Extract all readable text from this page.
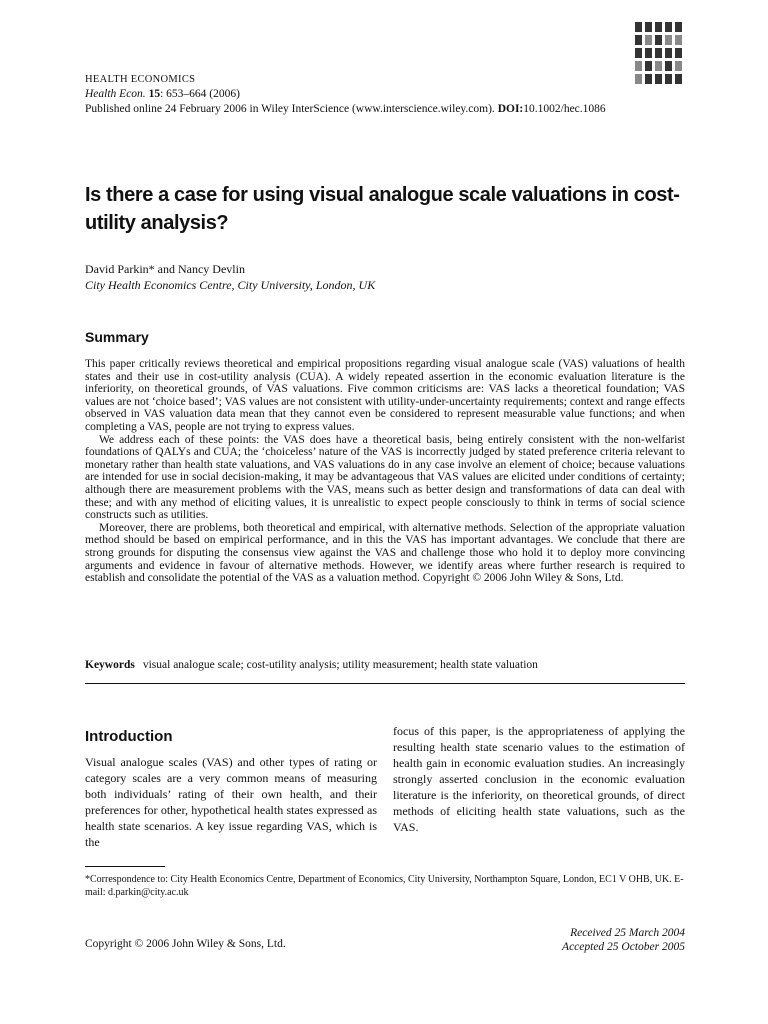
HEALTH ECONOMICS
Health Econ. 15: 653–664 (2006)
Published online 24 February 2006 in Wiley InterScience (www.interscience.wiley.com). DOI:10.1002/hec.1086
Is there a case for using visual analogue scale valuations in cost-utility analysis?
David Parkin* and Nancy Devlin
City Health Economics Centre, City University, London, UK
Summary

This paper critically reviews theoretical and empirical propositions regarding visual analogue scale (VAS) valuations of health states and their use in cost-utility analysis (CUA). A widely repeated assertion in the economic evaluation literature is the inferiority, on theoretical grounds, of VAS valuations. Five common criticisms are: VAS lacks a theoretical foundation; VAS values are not ‘choice based’; VAS values are not consistent with utility-under-uncertainty requirements; context and range effects observed in VAS valuation data mean that they cannot even be considered to represent measurable value functions; and when completing a VAS, people are not trying to express values.

We address each of these points: the VAS does have a theoretical basis, being entirely consistent with the non-welfarist foundations of QALYs and CUA; the ‘choiceless’ nature of the VAS is incorrectly judged by stated preference criteria relevant to monetary rather than health state valuations, and VAS valuations do in any case involve an element of choice; because valuations are intended for use in social decision-making, it may be advantageous that VAS values are elicited under conditions of certainty; although there are measurement problems with the VAS, means such as better design and transformations of data can deal with these; and with any method of eliciting values, it is unrealistic to expect people consciously to think in terms of social science constructs such as utilities.

Moreover, there are problems, both theoretical and empirical, with alternative methods. Selection of the appropriate valuation method should be based on empirical performance, and in this the VAS has important advantages. We conclude that there are strong grounds for disputing the consensus view against the VAS and challenge those who hold it to deploy more convincing arguments and evidence in favour of alternative methods. However, we identify areas where further research is required to establish and consolidate the potential of the VAS as a valuation method. Copyright © 2006 John Wiley & Sons, Ltd.

Keywords visual analogue scale; cost-utility analysis; utility measurement; health state valuation
Introduction
Visual analogue scales (VAS) and other types of rating or category scales are a very common means of measuring both individuals’ rating of their own health, and their preferences for other, hypothetical health states expressed as health state scenarios. A key issue regarding VAS, which is the
focus of this paper, is the appropriateness of applying the resulting health state scenario values to the estimation of health gain in economic evaluation studies. An increasingly strongly asserted conclusion in the economic evaluation literature is the inferiority, on theoretical grounds, of direct methods of eliciting health state valuations, such as the VAS.
*Correspondence to: City Health Economics Centre, Department of Economics, City University, Northampton Square, London, EC1 V OHB, UK. E-mail: d.parkin@city.ac.uk
Copyright © 2006 John Wiley & Sons, Ltd.
Received 25 March 2004
Accepted 25 October 2005
